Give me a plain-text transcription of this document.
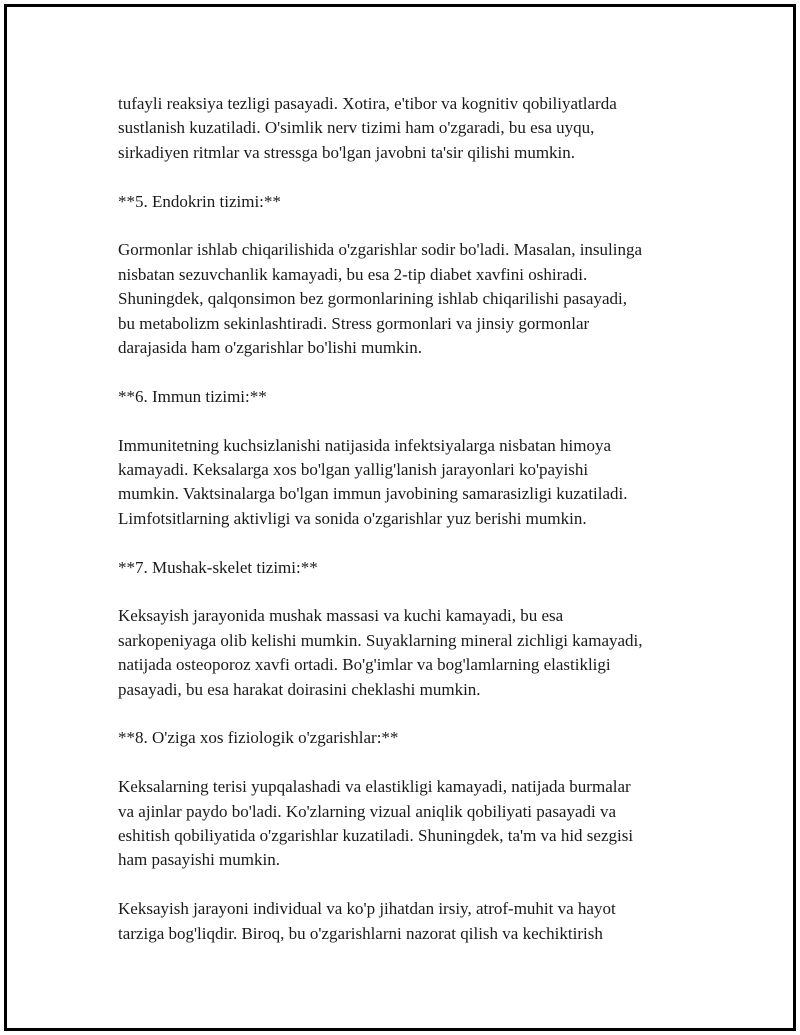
tufayli reaksiya tezligi pasayadi. Xotira, e'tibor va kognitiv qobiliyatlarda
sustlanish kuzatiladi. O'simlik nerv tizimi ham o'zgaradi, bu esa uyqu,
sirkadiyen ritmlar va stressga bo'lgan javobni ta'sir qilishi mumkin.

**5. Endokrin tizimi:**

Gormonlar ishlab chiqarilishida o'zgarishlar sodir bo'ladi. Masalan, insulinga
nisbatan sezuvchanlik kamayadi, bu esa 2-tip diabet xavfini oshiradi.
Shuningdek, qalqonsimon bez gormonlarining ishlab chiqarilishi pasayadi,
bu metabolizm sekinlashtiradi. Stress gormonlari va jinsiy gormonlar
darajasida ham o'zgarishlar bo'lishi mumkin.

**6. Immun tizimi:**

Immunitetning kuchsizlanishi natijasida infektsiyalarga nisbatan himoya
kamayadi. Keksalarga xos bo'lgan yallig'lanish jarayonlari ko'payishi
mumkin. Vaktsinalarga bo'lgan immun javobining samarasizligi kuzatiladi.
Limfotsitlarning aktivligi va sonida o'zgarishlar yuz berishi mumkin.

**7. Mushak-skelet tizimi:**

Keksayish jarayonida mushak massasi va kuchi kamayadi, bu esa
sarkopeniyaga olib kelishi mumkin. Suyaklarning mineral zichligi kamayadi,
natijada osteoporoz xavfi ortadi. Bo'g'imlar va bog'lamlarning elastikligi
pasayadi, bu esa harakat doirasini cheklashi mumkin.

**8. O'ziga xos fiziologik o'zgarishlar:**

Keksalarning terisi yupqalashadi va elastikligi kamayadi, natijada burmalar
va ajinlar paydo bo'ladi. Ko'zlarning vizual aniqlik qobiliyati pasayadi va
eshitish qobiliyatida o'zgarishlar kuzatiladi. Shuningdek, ta'm va hid sezgisi
ham pasayishi mumkin.

Keksayish jarayoni individual va ko'p jihatdan irsiy, atrof-muhit va hayot
tarziga bog'liqdir. Biroq, bu o'zgarishlarni nazorat qilish va kechiktirish
